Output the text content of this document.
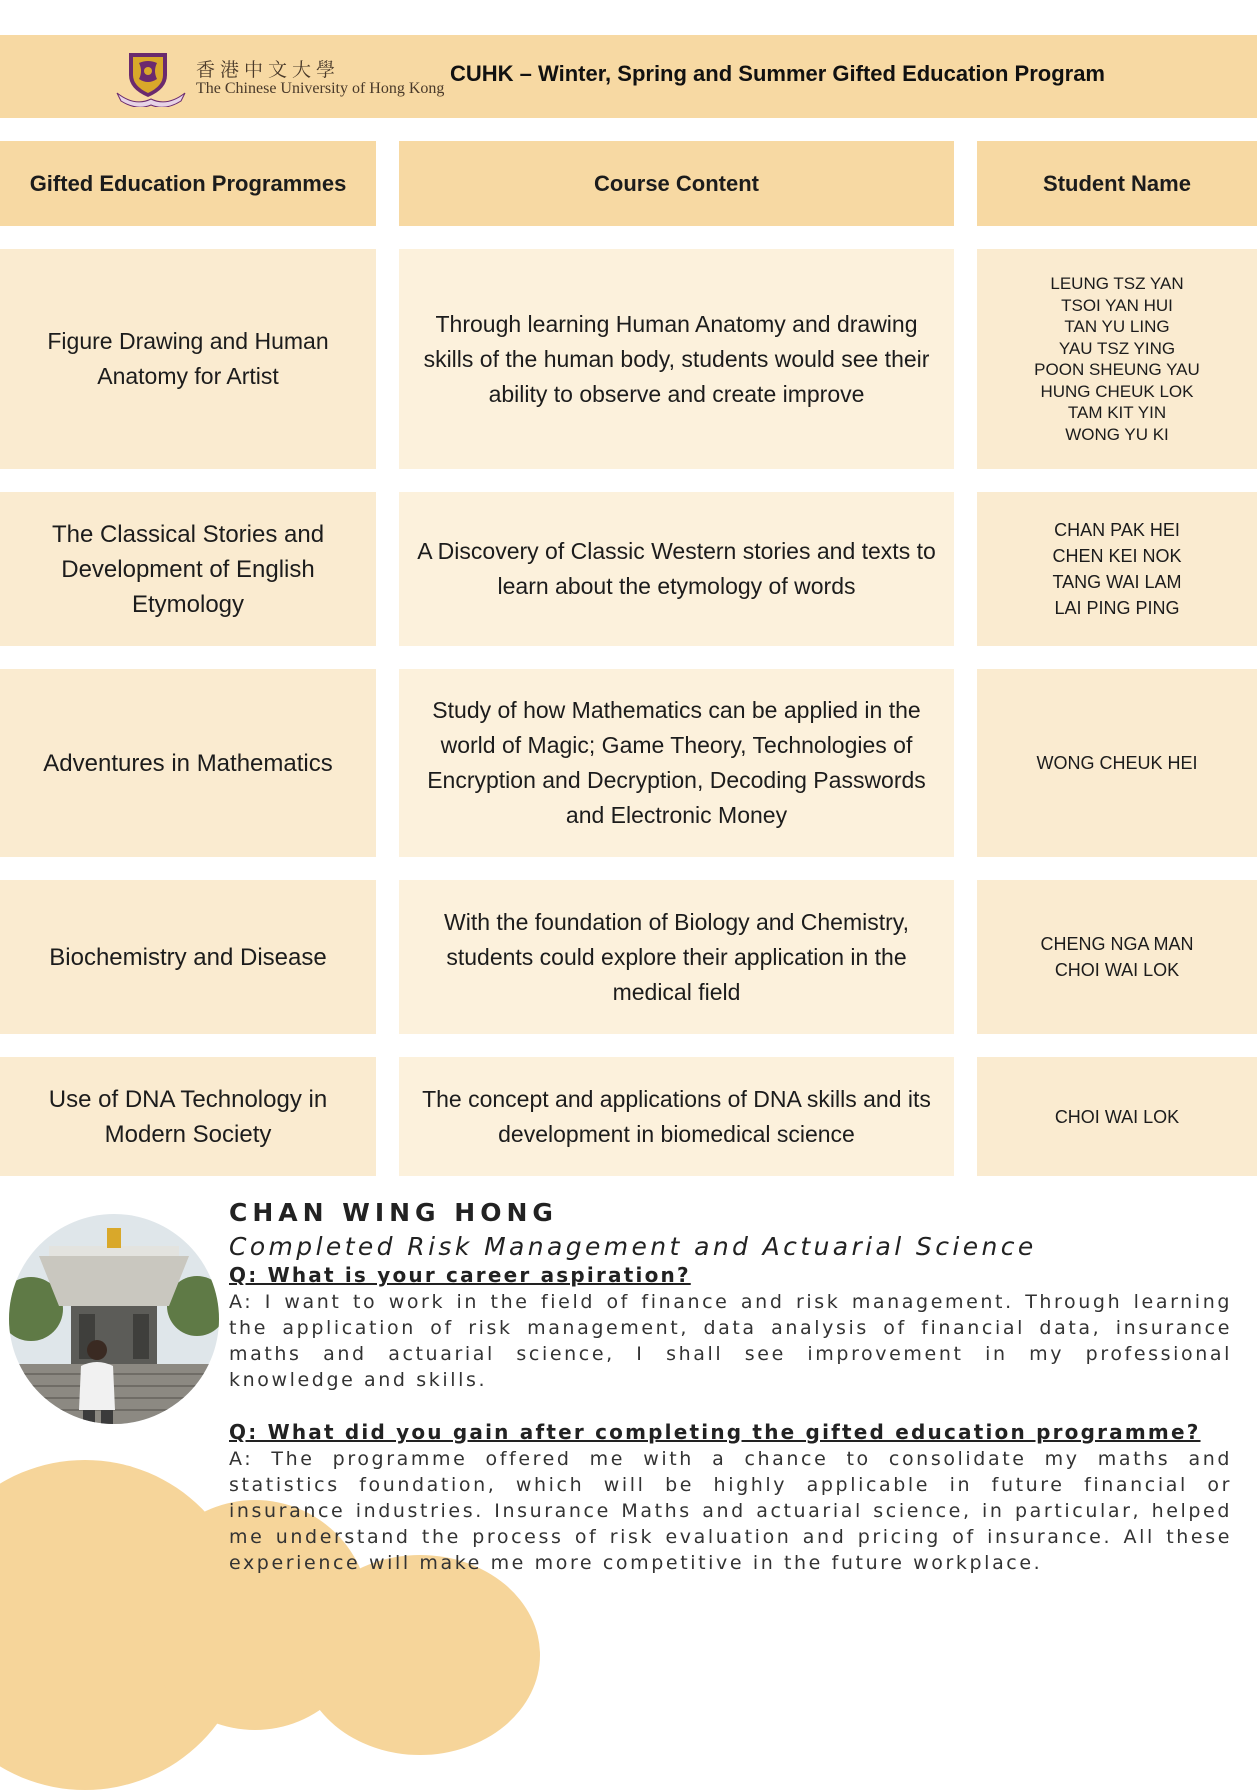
香港中文大學
The Chinese University of Hong Kong
CUHK – Winter, Spring and Summer Gifted Education Program
Gifted Education Programmes	Course Content	Student Name
Figure Drawing and Human Anatomy for Artist
Through learning Human Anatomy and drawing skills of the human body, students would see their ability to observe and create improve
LEUNG TSZ YAN
TSOI YAN HUI
TAN YU LING
YAU TSZ YING
POON SHEUNG YAU
HUNG CHEUK LOK
TAM KIT YIN
WONG YU KI
The Classical Stories and Development of English Etymology
A Discovery of Classic Western stories and texts to learn about the etymology of words
CHAN PAK HEI
CHEN KEI NOK
TANG WAI LAM
LAI PING PING
Adventures in Mathematics
Study of how Mathematics can be applied in the world of Magic; Game Theory, Technologies of Encryption and Decryption, Decoding Passwords and Electronic Money
WONG CHEUK HEI
Biochemistry and Disease
With the foundation of Biology and Chemistry, students could explore their application in the medical field
CHENG NGA MAN
CHOI WAI LOK
Use of DNA Technology in Modern Society
The concept and applications of DNA skills and its development in biomedical science
CHOI WAI LOK
CHAN WING HONG
Completed Risk Management and Actuarial Science
Q: What is your career aspiration?
A: I want to work in the field of finance and risk management. Through learning the application of risk management, data analysis of financial data, insurance maths and actuarial science, I shall see improvement in my professional knowledge and skills.
Q: What did you gain after completing the gifted education programme?
A: The programme offered me with a chance to consolidate my maths and statistics foundation, which will be highly applicable in future financial or insurance industries. Insurance Maths and actuarial science, in particular, helped me understand the process of risk evaluation and pricing of insurance. All these experience will make me more competitive in the future workplace.
